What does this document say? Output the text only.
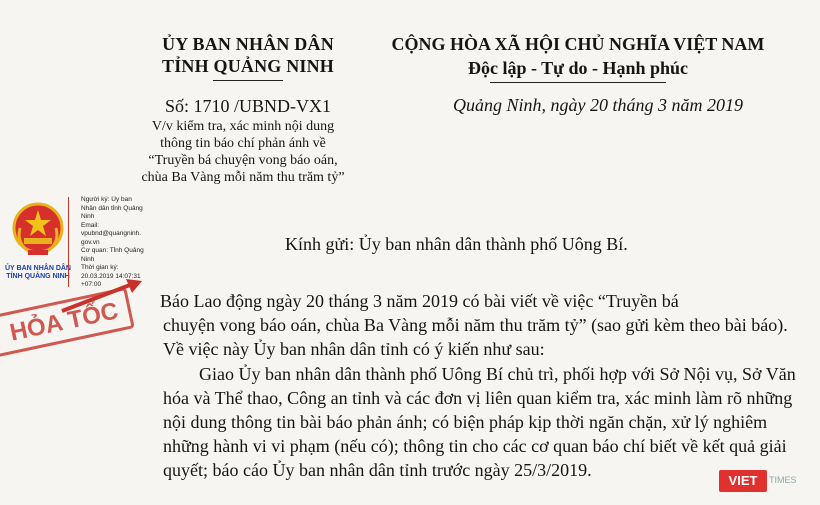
ỦY BAN NHÂN DÂN
TỈNH QUẢNG NINH
CỘNG HÒA XÃ HỘI CHỦ NGHĨA VIỆT NAM
Độc lập - Tự do - Hạnh phúc
Số: 1710 /UBND-VX1
V/v kiểm tra, xác minh nội dung
thông tin báo chí phản ánh về
“Truyền bá chuyện vong báo oán,
chùa Ba Vàng mỗi năm thu trăm tỷ”
Quảng Ninh, ngày 20 tháng 3 năm 2019
ỦY BAN NHÂN DÂN
TỈNH QUẢNG NINH
Người ký: Ủy ban
Nhân dân tỉnh Quảng
Ninh
Email:
vpubnd@quangninh.
gov.vn
Cơ quan: Tỉnh Quảng
Ninh
Thời gian ký:
20.03.2019 14:07:31
+07:00
HỎA TỐC
Kính gửi: Ủy ban nhân dân thành phố Uông Bí.
Báo Lao động ngày 20 tháng 3 năm 2019 có bài viết về việc “Truyền bá
chuyện vong báo oán, chùa Ba Vàng mỗi năm thu trăm tỷ” (sao gửi kèm theo bài báo). Về việc này Ủy ban nhân dân tỉnh có ý kiến như sau:
Giao Ủy ban nhân dân thành phố Uông Bí chủ trì, phối hợp với Sở Nội vụ, Sở Văn hóa và Thể thao, Công an tỉnh và các đơn vị liên quan kiểm tra, xác minh làm rõ những nội dung thông tin bài báo phản ánh; có biện pháp kịp thời ngăn chặn, xử lý nghiêm những hành vi vi phạm (nếu có); thông tin cho các cơ quan báo chí biết về kết quả giải quyết; báo cáo Ủy ban nhân dân tỉnh trước ngày 25/3/2019.
VIET	TIMES
